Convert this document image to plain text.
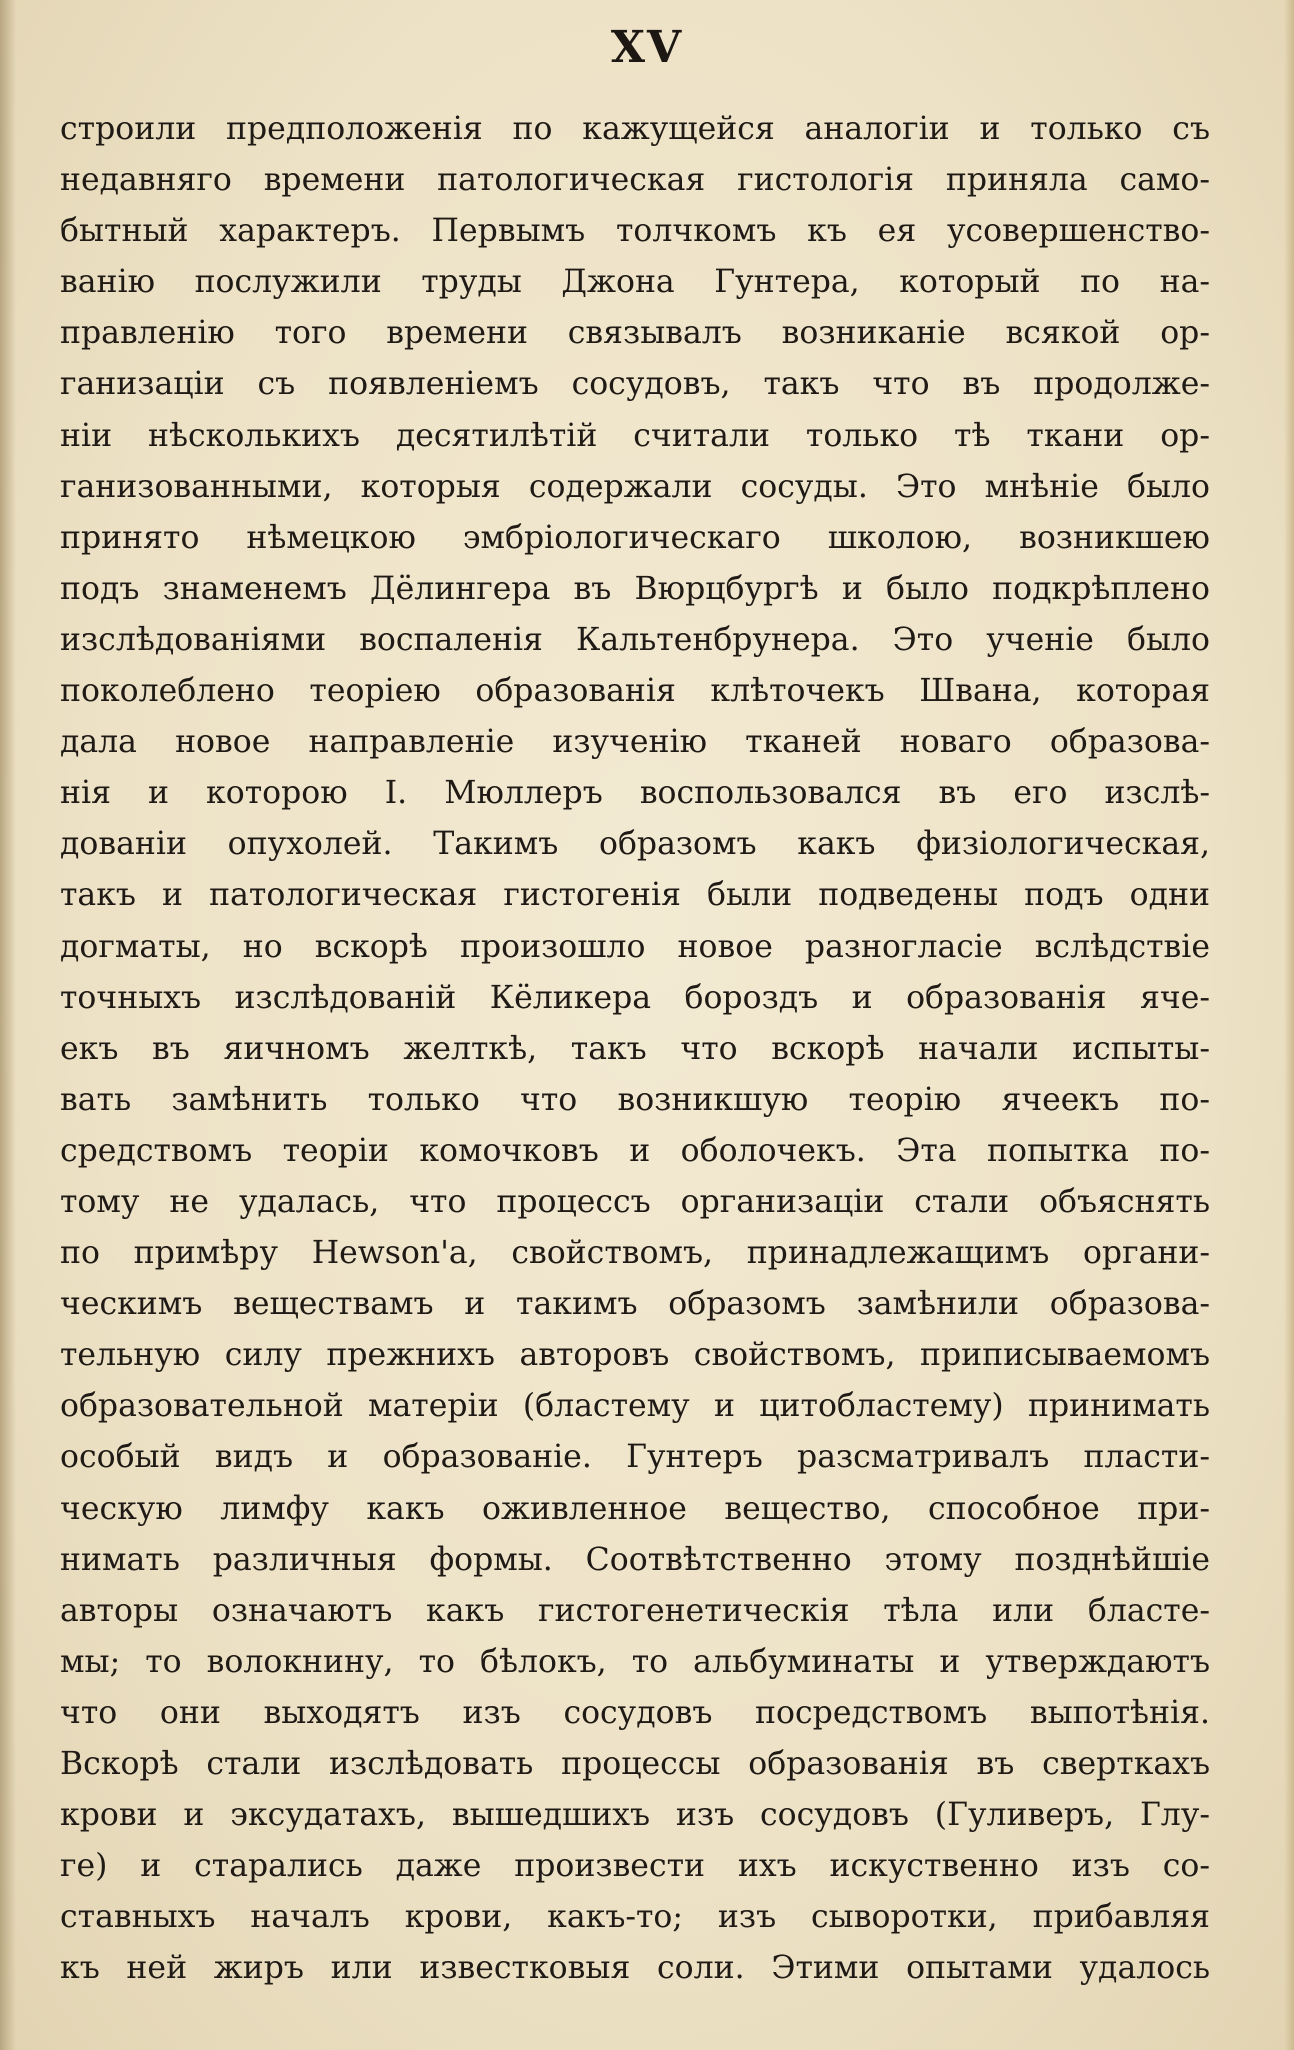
XV
строили предположенія по кажущейся аналогіи и только съ
недавняго времени патологическая гистологія приняла само-
бытный характеръ. Первымъ толчкомъ къ ея усовершенство-
ванію послужили труды Джона Гунтера, который по на-
правленію того времени связывалъ возниканіе всякой ор-
ганизаціи съ появленіемъ сосудовъ, такъ что въ продолже-
ніи нѣсколькихъ десятилѣтій считали только тѣ ткани ор-
ганизованными, которыя содержали сосуды. Это мнѣніе было
принято нѣмецкою эмбріологическаго школою, возникшею
подъ знаменемъ Дёлингера въ Вюрцбургѣ и было подкрѣплено
изслѣдованіями воспаленія Кальтенбрунера. Это ученіе было
поколеблено теоріею образованія клѣточекъ Швана, которая
дала новое направленіе изученію тканей новаго образова-
нія и которою І. Мюллеръ воспользовался въ его изслѣ-
дованіи опухолей. Такимъ образомъ какъ физіологическая,
такъ и патологическая гистогенія были подведены подъ одни
догматы, но вскорѣ произошло новое разногласіе вслѣдствіе
точныхъ изслѣдованій Кёликера бороздъ и образованія яче-
екъ въ яичномъ желткѣ, такъ что вскорѣ начали испыты-
вать замѣнить только что возникшую теорію ячеекъ по-
средствомъ теоріи комочковъ и оболочекъ. Эта попытка по-
тому не удалась, что процессъ организаціи стали объяснять
по примѣру Hewson'а, свойствомъ, принадлежащимъ органи-
ческимъ веществамъ и такимъ образомъ замѣнили образова-
тельную силу прежнихъ авторовъ свойствомъ, приписываемомъ
образовательной матеріи (бластему и цитобластему) принимать
особый видъ и образованіе. Гунтеръ разсматривалъ пласти-
ческую лимфу какъ оживленное вещество, способное при-
нимать различныя формы. Соотвѣтственно этому позднѣйшіе
авторы означаютъ какъ гистогенетическія тѣла или бласте-
мы; то волокнину, то бѣлокъ, то альбуминаты и утверждаютъ
что они выходятъ изъ сосудовъ посредствомъ выпотѣнія.
Вскорѣ стали изслѣдовать процессы образованія въ сверткахъ
крови и эксудатахъ, вышедшихъ изъ сосудовъ (Гуливеръ, Глу-
ге) и старались даже произвести ихъ искуственно изъ со-
ставныхъ началъ крови, какъ-то; изъ сыворотки, прибавляя
къ ней жиръ или известковыя соли. Этими опытами удалось
